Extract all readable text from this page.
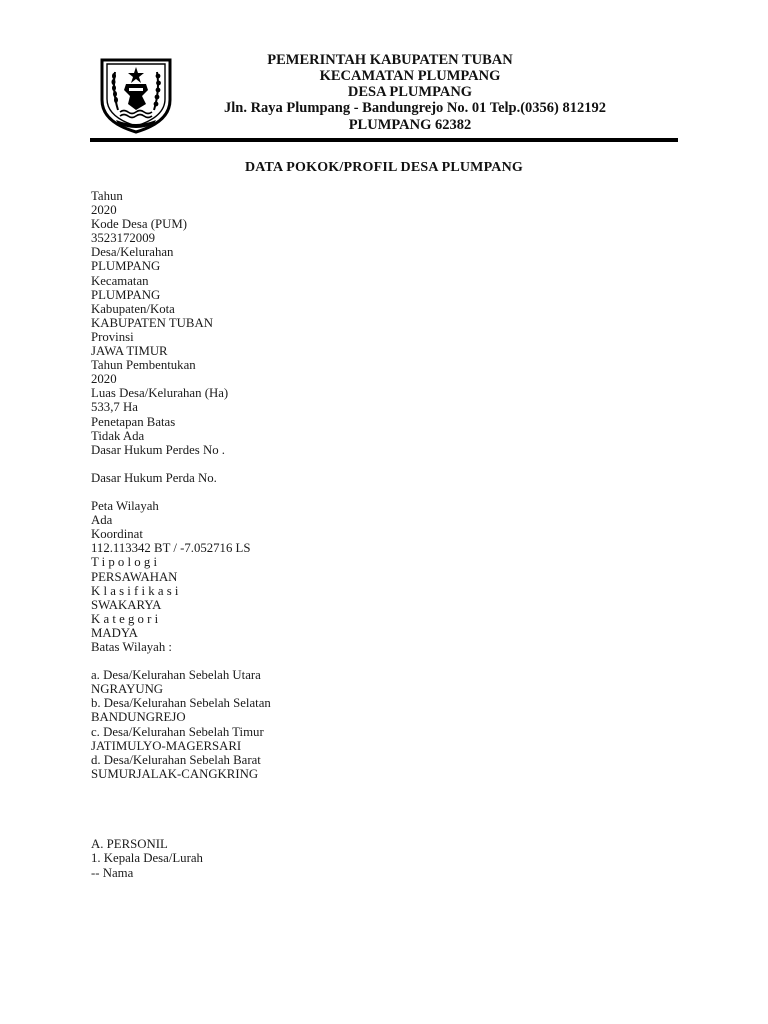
PEMERINTAH KABUPATEN TUBAN
KECAMATAN PLUMPANG
DESA PLUMPANG
Jln. Raya Plumpang - Bandungrejo No. 01 Telp.(0356) 812192
PLUMPANG 62382
DATA POKOK/PROFIL DESA PLUMPANG
Tahun
2020
Kode Desa (PUM)
3523172009
Desa/Kelurahan
PLUMPANG
Kecamatan
PLUMPANG
Kabupaten/Kota
KABUPATEN TUBAN
Provinsi
JAWA TIMUR
Tahun Pembentukan
2020
Luas Desa/Kelurahan (Ha)
533,7 Ha
Penetapan Batas
Tidak Ada
Dasar Hukum Perdes No .
Dasar Hukum Perda No.
Peta Wilayah
Ada
Koordinat
112.113342 BT / -7.052716 LS
Tipologi
PERSAWAHAN
Klasifikasi
SWAKARYA
Kategori
MADYA
Batas Wilayah :
a. Desa/Kelurahan Sebelah Utara
NGRAYUNG
b. Desa/Kelurahan Sebelah Selatan
BANDUNGREJO
c. Desa/Kelurahan Sebelah Timur
JATIMULYO-MAGERSARI
d. Desa/Kelurahan Sebelah Barat
SUMURJALAK-CANGKRING
A. PERSONIL
1. Kepala Desa/Lurah
-- Nama
